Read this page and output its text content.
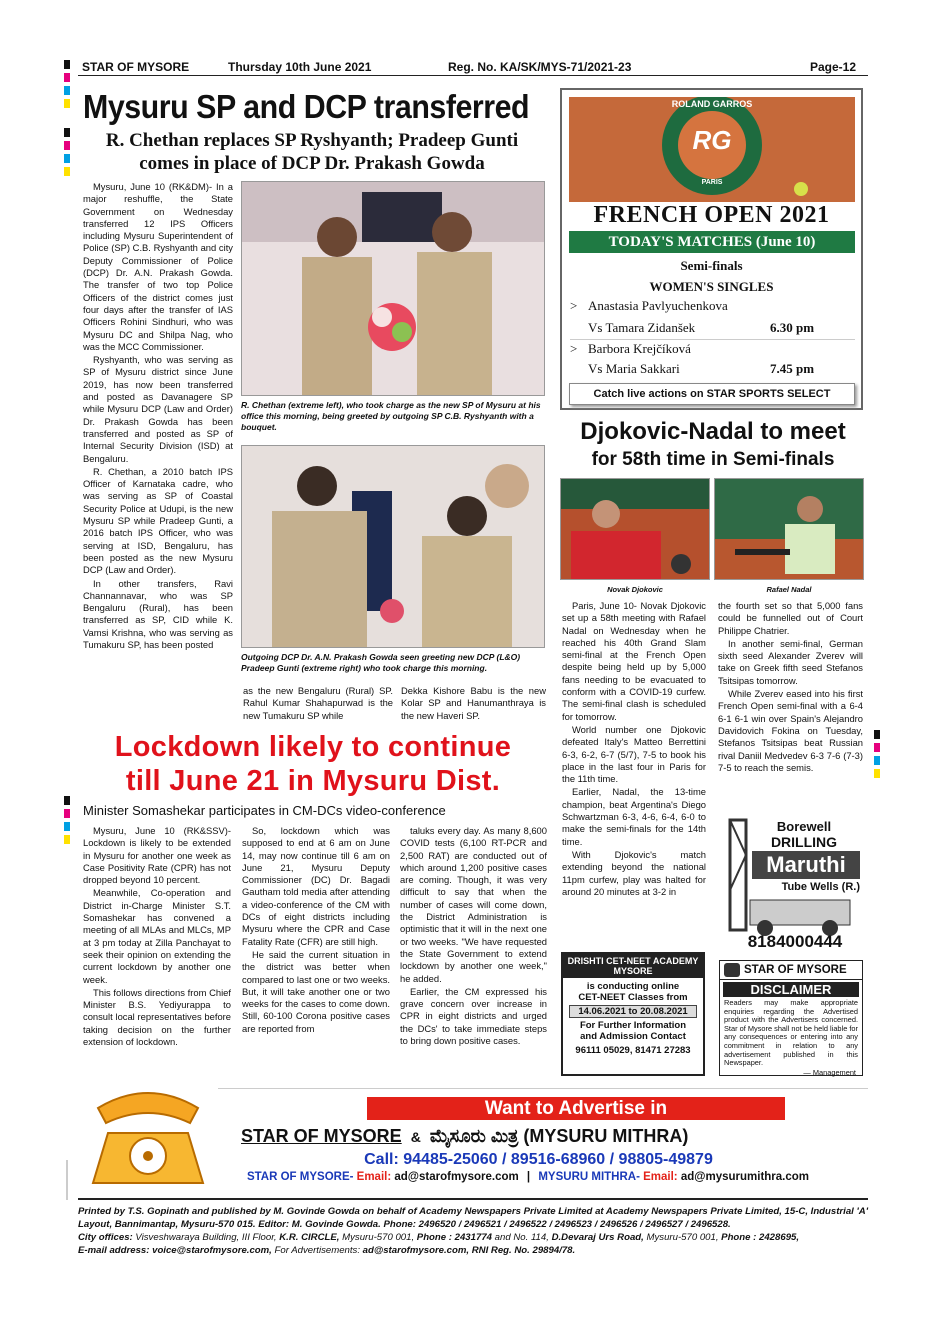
STAR OF MYSORE	Thursday 10th June 2021	Reg. No. KA/SK/MYS-71/2021-23	Page-12
Mysuru SP and DCP transferred
R. Chethan replaces SP Ryshyanth; Pradeep Gunti comes in place of DCP Dr. Prakash Gowda

Mysuru, June 10 (RK&DM)- In a major reshuffle, the State Government on Wednesday transferred 12 IPS Officers including Mysuru Superintendent of Police (SP) C.B. Ryshyanth and city Deputy Commissioner of Police (DCP) Dr. A.N. Prakash Gowda. The transfer of two top Police Officers of the district comes just four days after the transfer of IAS Officers Rohini Sindhuri, who was Mysuru DC and Shilpa Nag, who was the MCC Commissioner.

Ryshyanth, who was serving as SP of Mysuru district since June 2019, has now been transferred and posted as Davanagere SP while Mysuru DCP (Law and Order) Dr. Prakash Gowda has been transferred and posted as SP of Internal Security Division (ISD) at Bengaluru.

R. Chethan, a 2010 batch IPS Officer of Karnataka cadre, who was serving as SP of Coastal Security Police at Udupi, is the new Mysuru SP while Pradeep Gunti, a 2016 batch IPS Officer, who was serving at ISD, Bengaluru, has been posted as the new Mysuru DCP (Law and Order).

In other transfers, Ravi Channannavar, who was SP Bengaluru (Rural), has been transferred as SP, CID while K. Vamsi Krishna, who was serving as Tumakuru SP, has been posted

R. Chethan (extreme left), who took charge as the new SP of Mysuru at his office this morning, being greeted by outgoing SP C.B. Ryshyanth with a bouquet.
Outgoing DCP Dr. A.N. Prakash Gowda seen greeting new DCP (L&O) Pradeep Gunti (extreme right) who took charge this morning.

as the new Bengaluru (Rural) SP. Rahul Kumar Shahapurwad is the new Tumakuru SP while

Dekka Kishore Babu is the new Kolar SP and Hanumanthraya is the new Haveri SP.

Lockdown likely to continue
till June 21 in Mysuru Dist.
Minister Somashekar participates in CM-DCs video-conference

Mysuru, June 10 (RK&SSV)- Lockdown is likely to be extended in Mysuru for another one week as Case Positivity Rate (CPR) has not dropped beyond 10 percent.

Meanwhile, Co-operation and District in-Charge Minister S.T. Somashekar has convened a meeting of all MLAs and MLCs, MP at 3 pm today at Zilla Panchayat to seek their opinion on extending the current lockdown by another one week.

This follows directions from Chief Minister B.S. Yediyurappa to consult local representatives before taking decision on the further extension of lockdown.

So, lockdown which was supposed to end at 6 am on June 14, may now continue till 6 am on June 21, Mysuru Deputy Commissioner (DC) Dr. Bagadi Gautham told media after attending a video-conference of the CM with DCs of eight districts including Mysuru where the CPR and Case Fatality Rate (CFR) are still high.

He said the current situation in the district was better when compared to last one or two weeks. But, it will take another one or two weeks for the cases to come down. Still, 60-100 Corona positive cases are reported from

taluks every day. As many 8,600 COVID tests (6,100 RT-PCR and 2,500 RAT) are conducted out of which around 1,200 positive cases are coming. Though, it was very difficult to say that when the number of cases will come down, the District Administration is optimistic that it will in the next one or two weeks. "We have requested the State Government to extend lockdown by another one week," he added.

Earlier, the CM expressed his grave concern over increase in CPR in eight districts and urged the DCs' to take immediate steps to bring down positive cases.

ROLAND GARROS
RG
PARIS
FRENCH OPEN 2021
TODAY'S MATCHES (June 10)
Semi-finals
WOMEN'S SINGLES
> Anastasia Pavlyuchenkova
Vs Tamara Zidanšek	6.30 pm
> Barbora Krejčíková
Vs Maria Sakkari	7.45 pm
Catch live actions on STAR SPORTS SELECT
Djokovic-Nadal to meet
for 58th time in Semi-finals
Novak Djokovic	Rafael Nadal

Paris, June 10- Novak Djokovic set up a 58th meeting with Rafael Nadal on Wednesday when he reached his 40th Grand Slam semi-final at the French Open despite being held up by 5,000 fans needing to be evacuated to conform with a COVID-19 curfew. The semi-final clash is scheduled for tomorrow.

World number one Djokovic defeated Italy's Matteo Berrettini 6-3, 6-2, 6-7 (5/7), 7-5 to book his place in the last four in Paris for the 11th time.

Earlier, Nadal, the 13-time champion, beat Argentina's Diego Schwartzman 6-3, 4-6, 6-4, 6-0 to make the semi-finals for the 14th time.

With Djokovic's match extending beyond the national 11pm curfew, play was halted for around 20 minutes at 3-2 in

the fourth set so that 5,000 fans could be funnelled out of Court Philippe Chatrier.

In another semi-final, German sixth seed Alexander Zverev will take on Greek fifth seed Stefanos Tsitsipas tomorrow.

While Zverev eased into his first French Open semi-final with a 6-4 6-1 6-1 win over Spain's Alejandro Davidovich Fokina on Tuesday, Stefanos Tsitsipas beat Russian rival Daniil Medvedev 6-3 7-6 (7-3) 7-5 to reach the semis.

DRISHTI CET-NEET ACADEMY
MYSORE
is conducting online
CET-NEET Classes from
14.06.2021 to 20.08.2021
For Further Information
and Admission Contact
96111 05029, 81471 27283
Borewell
DRILLING
Maruthi
Tube Wells (R.)
8184000444
STAR OF MYSORE
DISCLAIMER
Readers may make appropriate enquiries regarding the Advertised product with the Advertisers concerned. Star of Mysore shall not be held liable for any consequences or entering into any commitment in relation to any advertisement published in this Newspaper.
— Management
Want to Advertise in
STAR OF MYSORE & ಮೈಸೂರು ಮಿತ್ರ (MYSURU MITHRA)
Call: 94485-25060 / 89516-68960 / 98805-49879
STAR OF MYSORE- Email: ad@starofmysore.com | MYSURU MITHRA- Email: ad@mysurumithra.com
Printed by T.S. Gopinath and published by M. Govinde Gowda on behalf of Academy Newspapers Private Limited at Academy Newspapers Private Limited, 15-C, Industrial 'A' Layout, Bannimantap, Mysuru-570 015. Editor: M. Govinde Gowda. Phone: 2496520 / 2496521 / 2496522 / 2496523 / 2496526 / 2496527 / 2496528.
City offices: Visveshwaraya Building, III Floor, K.R. CIRCLE, Mysuru-570 001, Phone : 2431774 and No. 114, D.Devaraj Urs Road, Mysuru-570 001, Phone : 2428695,
E-mail address: voice@starofmysore.com, For Advertisements: ad@starofmysore.com, RNI Reg. No. 29894/78.
